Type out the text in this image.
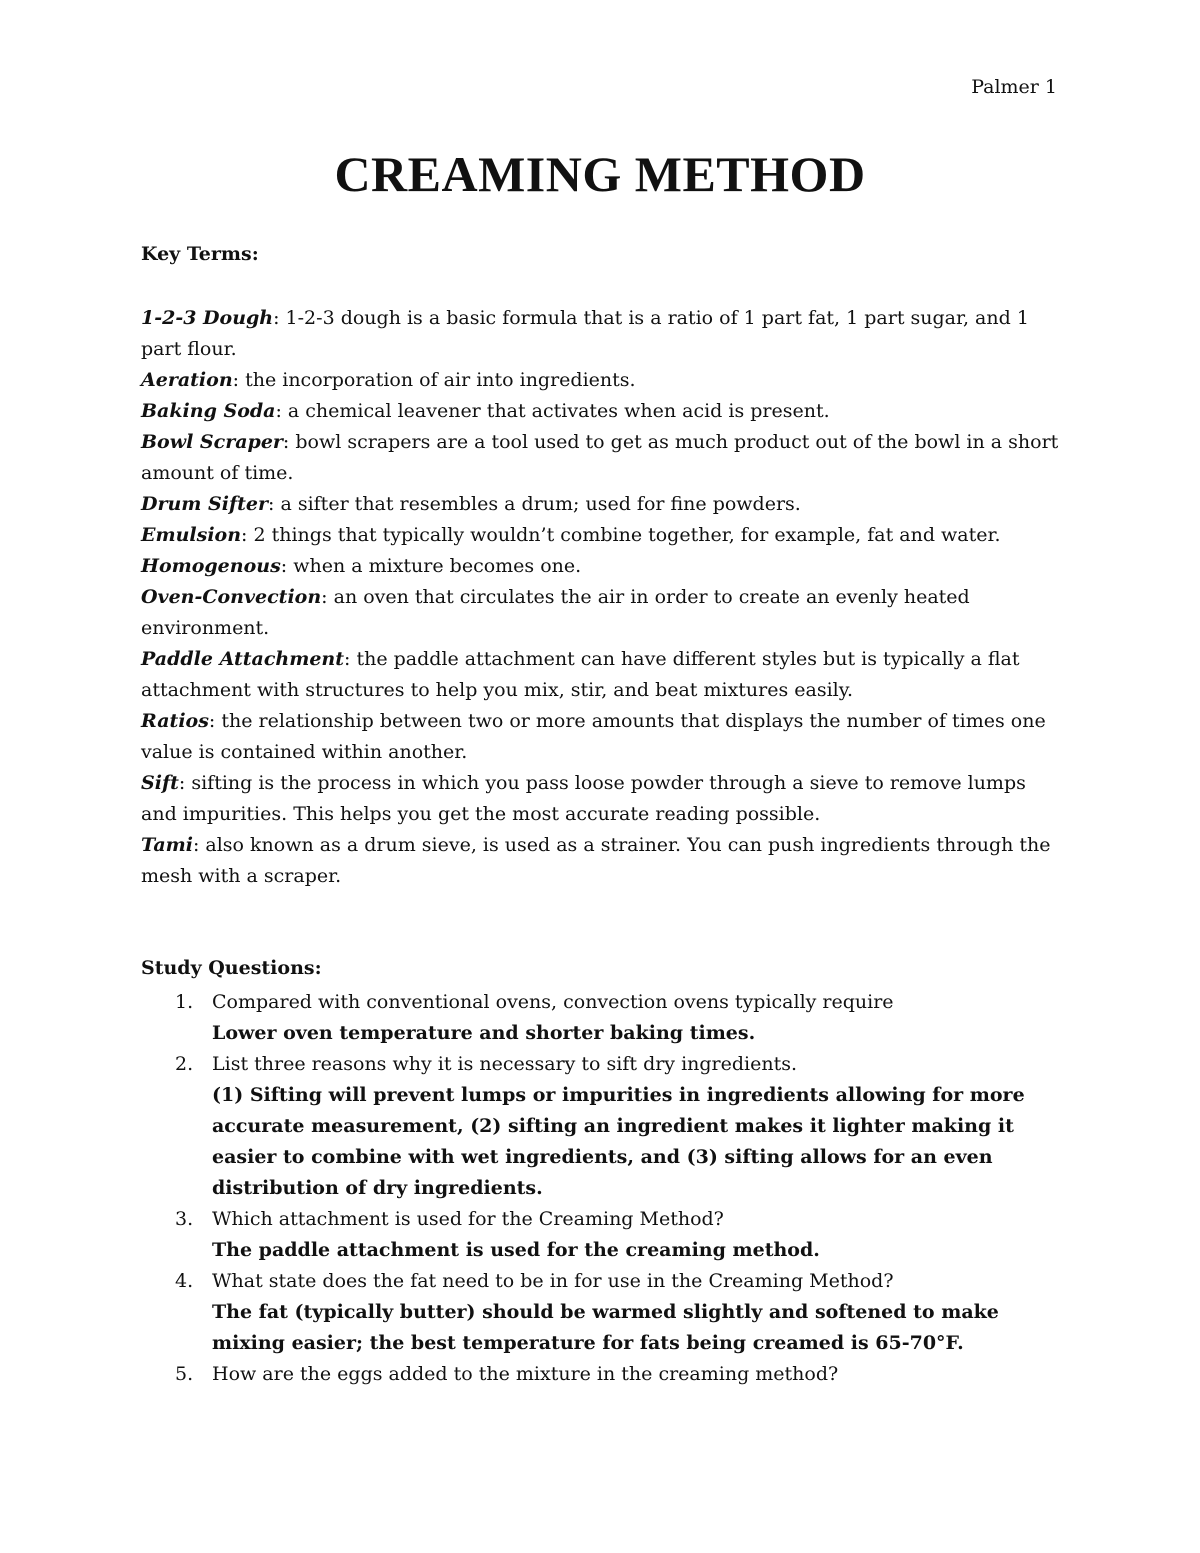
Palmer 1
CREAMING METHOD
Key Terms:

1-2-3 Dough: 1-2-3 dough is a basic formula that is a ratio of 1 part fat, 1 part sugar, and 1 part flour.

Aeration: the incorporation of air into ingredients.

Baking Soda: a chemical leavener that activates when acid is present.

Bowl Scraper: bowl scrapers are a tool used to get as much product out of the bowl in a short amount of time.

Drum Sifter: a sifter that resembles a drum; used for fine powders.

Emulsion: 2 things that typically wouldn’t combine together, for example, fat and water.

Homogenous: when a mixture becomes one.

Oven-Convection: an oven that circulates the air in order to create an evenly heated environment.

Paddle Attachment: the paddle attachment can have different styles but is typically a flat attachment with structures to help you mix, stir, and beat mixtures easily.

Ratios: the relationship between two or more amounts that displays the number of times one value is contained within another.

Sift: sifting is the process in which you pass loose powder through a sieve to remove lumps and impurities. This helps you get the most accurate reading possible.

Tami: also known as a drum sieve, is used as a strainer. You can push ingredients through the mesh with a scraper.

Study Questions:
1. Compared with conventional ovens, convection ovens typically require
Lower oven temperature and shorter baking times.
2. List three reasons why it is necessary to sift dry ingredients.
(1) Sifting will prevent lumps or impurities in ingredients allowing for more accurate measurement, (2) sifting an ingredient makes it lighter making it easier to combine with wet ingredients, and (3) sifting allows for an even distribution of dry ingredients.
3. Which attachment is used for the Creaming Method?
The paddle attachment is used for the creaming method.
4. What state does the fat need to be in for use in the Creaming Method?
The fat (typically butter) should be warmed slightly and softened to make mixing easier; the best temperature for fats being creamed is 65-70°F.
5. How are the eggs added to the mixture in the creaming method?
